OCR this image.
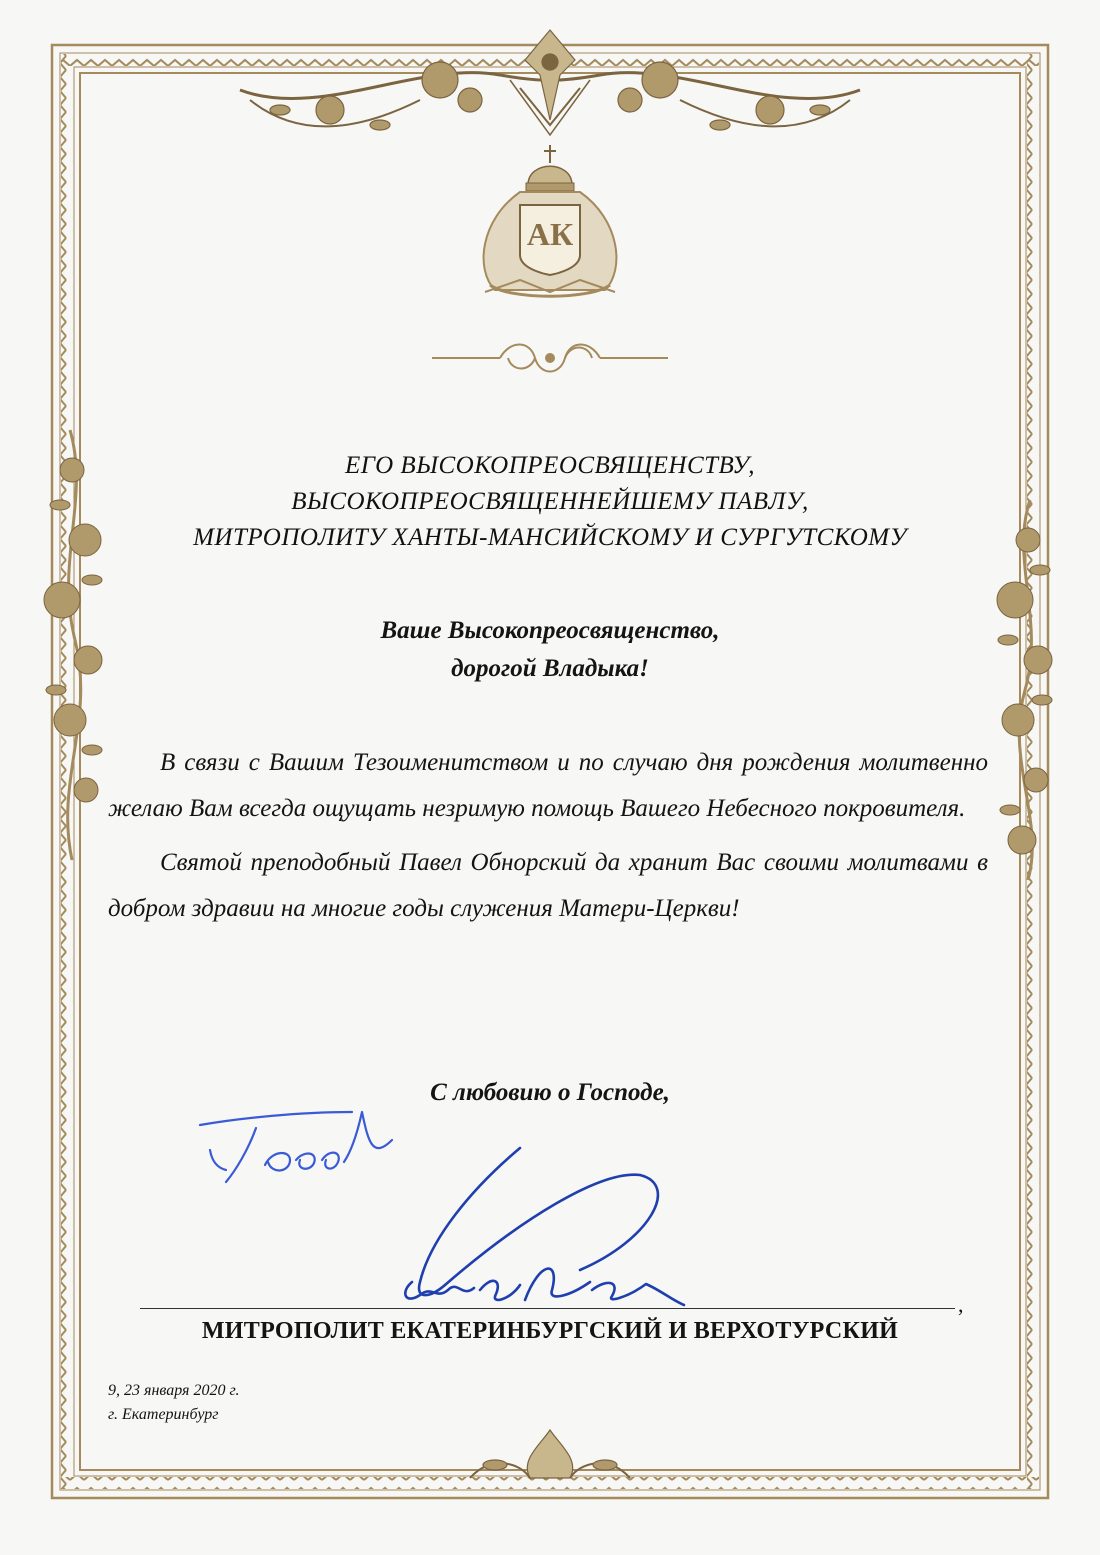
АК
ЕГО ВЫСОКОПРЕОСВЯЩЕНСТВУ,
ВЫСОКОПРЕОСВЯЩЕННЕЙШЕМУ ПАВЛУ,
МИТРОПОЛИТУ ХАНТЫ-МАНСИЙСКОМУ И СУРГУТСКОМУ
Ваше Высокопреосвященство,
дорогой Владыка!

В связи с Вашим Тезоименитством и по случаю дня рождения молитвенно желаю Вам всегда ощущать незримую помощь Вашего Небесного покровителя.

Святой преподобный Павел Обнорский да хранит Вас своими молитвами в добром здравии на многие годы служения Матери-Церкви!

С любовию о Господе,
,
МИТРОПОЛИТ ЕКАТЕРИНБУРГСКИЙ И ВЕРХОТУРСКИЙ
9, 23 января 2020 г.
г. Екатеринбург
